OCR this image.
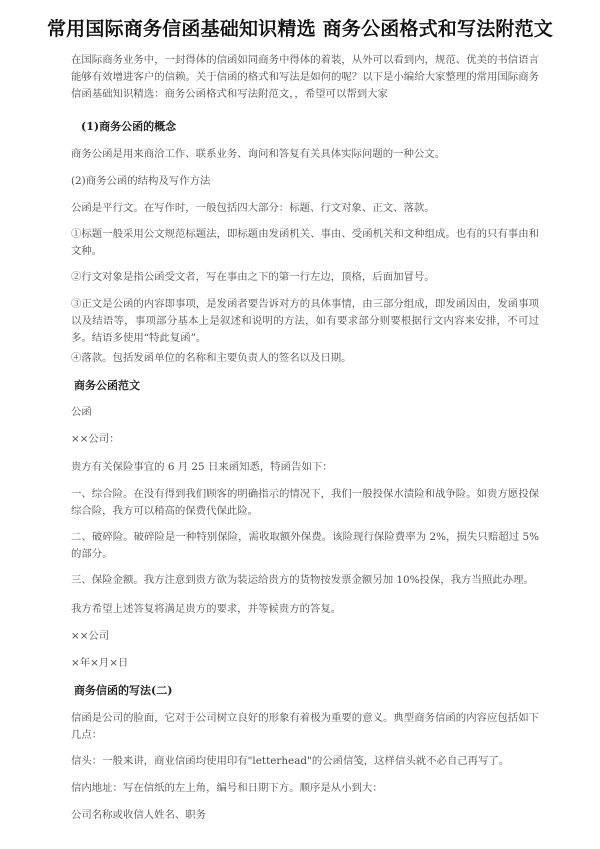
常用国际商务信函基础知识精选 商务公函格式和写法附范文

在国际商务业务中，一封得体的信函如同商务中得体的着装，从外可以看到内，规范、优美的书信语言能够有效增进客户的信赖。关于信函的格式和写法是如何的呢？以下是小编给大家整理的常用国际商务信函基础知识精选：商务公函格式和写法附范文，，希望可以帮到大家

(1)商务公函的概念

商务公函是用来商洽工作、联系业务、询问和答复有关具体实际问题的一种公文。

(2)商务公函的结构及写作方法

公函是平行文。在写作时，一般包括四大部分：标题、行文对象、正文、落款。

①标题一般采用公文规范标题法，即标题由发函机关、事由、受函机关和文种组成。也有的只有事由和文种。

②行文对象是指公函受文者，写在事由之下的第一行左边，顶格，后面加冒号。

③正文是公函的内容即事项，是发函者要告诉对方的具体事情，由三部分组成，即发函因由，发函事项以及结语等，事项部分基本上是叙述和说明的方法，如有要求部分则要根据行文内容来安排，不可过多。结语多使用“特此复函”。

④落款。包括发函单位的名称和主要负责人的签名以及日期。

商务公函范文

公函

××公司：

贵方有关保险事宜的 6 月 25 日来函知悉，特函告如下：

一、综合险。在没有得到我们顾客的明确指示的情况下，我们一般投保水渍险和战争险。如贵方愿投保综合险，我方可以稍高的保费代保此险。

二、破碎险。破碎险是一种特别保险，需收取额外保费。该险现行保险费率为 2%，损失只赔超过 5%的部分。

三、保险金额。我方注意到贵方欲为装运给贵方的货物按发票金额另加 10%投保，我方当照此办理。

我方希望上述答复将满足贵方的要求，并等候贵方的答复。

××公司

×年×月×日

商务信函的写法(二)

信函是公司的脸面，它对于公司树立良好的形象有着极为重要的意义。典型商务信函的内容应包括如下几点：

信头：一般来讲，商业信函均使用印有"letterhead"的公函信笺，这样信头就不必自己再写了。

信内地址：写在信纸的左上角，编号和日期下方。顺序是从小到大：

公司名称或收信人姓名、职务
